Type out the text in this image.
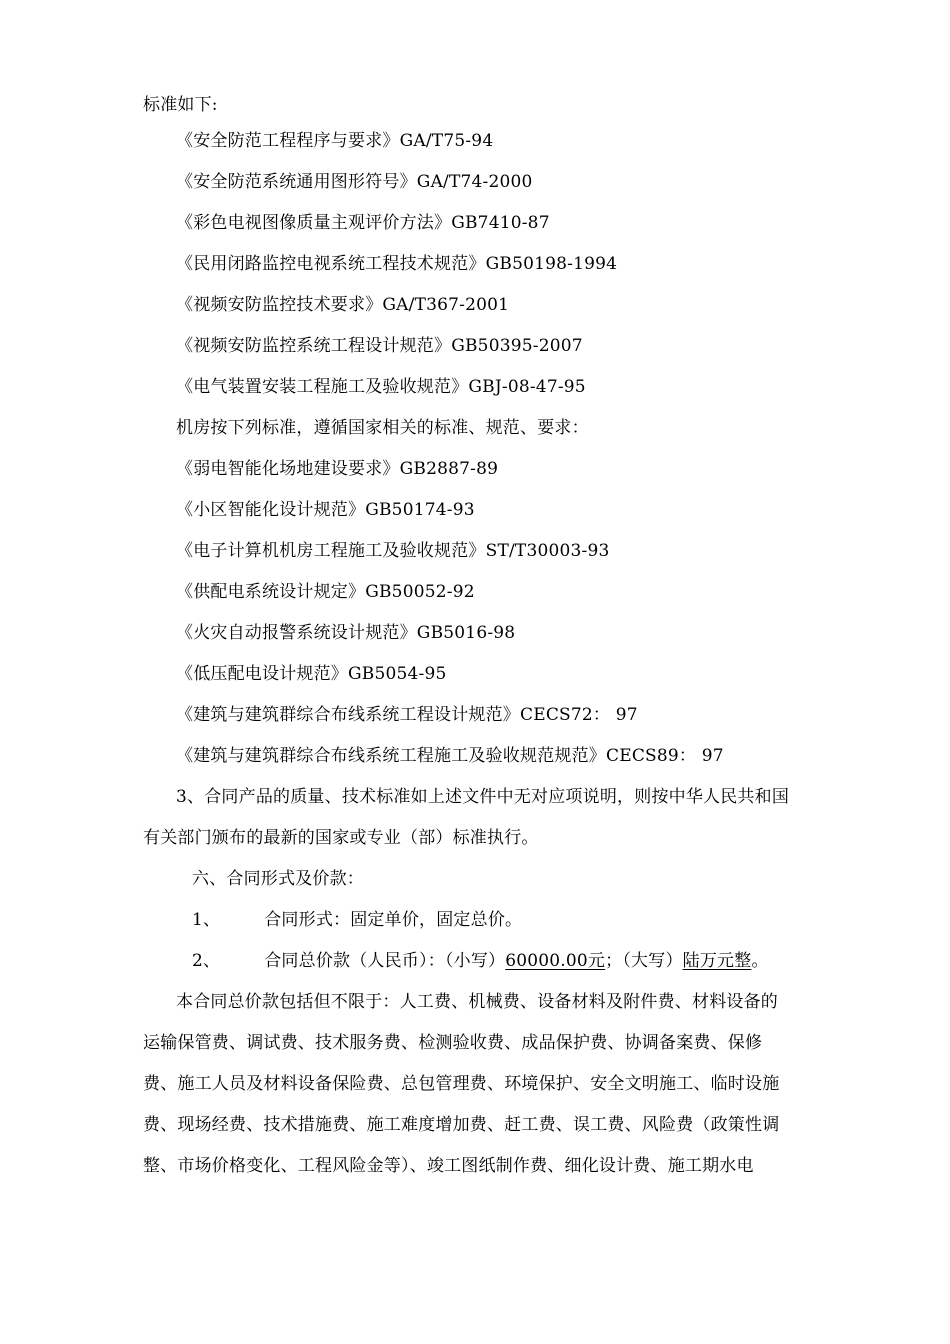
标准如下:
《安全防范工程程序与要求》GA/T75-94
《安全防范系统通用图形符号》GA/T74-2000
《彩色电视图像质量主观评价方法》GB7410-87
《民用闭路监控电视系统工程技术规范》GB50198-1994
《视频安防监控技术要求》GA/T367-2001
《视频安防监控系统工程设计规范》GB50395-2007
《电气装置安装工程施工及验收规范》GBJ-08-47-95
机房按下列标准，遵循国家相关的标准、规范、要求：
《弱电智能化场地建设要求》GB2887-89
《小区智能化设计规范》GB50174-93
《电子计算机机房工程施工及验收规范》ST/T30003-93
《供配电系统设计规定》GB50052-92
《火灾自动报警系统设计规范》GB5016-98
《低压配电设计规范》GB5054-95
《建筑与建筑群综合布线系统工程设计规范》CECS72： 97
《建筑与建筑群综合布线系统工程施工及验收规范规范》CECS89： 97
3、合同产品的质量、技术标准如上述文件中无对应项说明，则按中华人民共和国
有关部门颁布的最新的国家或专业（部）标准执行。
六、合同形式及价款：
1、	合同形式：固定单价，固定总价。
2、	合同总价款（人民币）：（小写）60000.00元；（大写）陆万元整。
本合同总价款包括但不限于：人工费、机械费、设备材料及附件费、材料设备的
运输保管费、调试费、技术服务费、检测验收费、成品保护费、协调备案费、保修
费、施工人员及材料设备保险费、总包管理费、环境保护、安全文明施工、临时设施
费、现场经费、技术措施费、施工难度增加费、赶工费、误工费、风险费（政策性调
整、市场价格变化、工程风险金等）、竣工图纸制作费、细化设计费、施工期水电
